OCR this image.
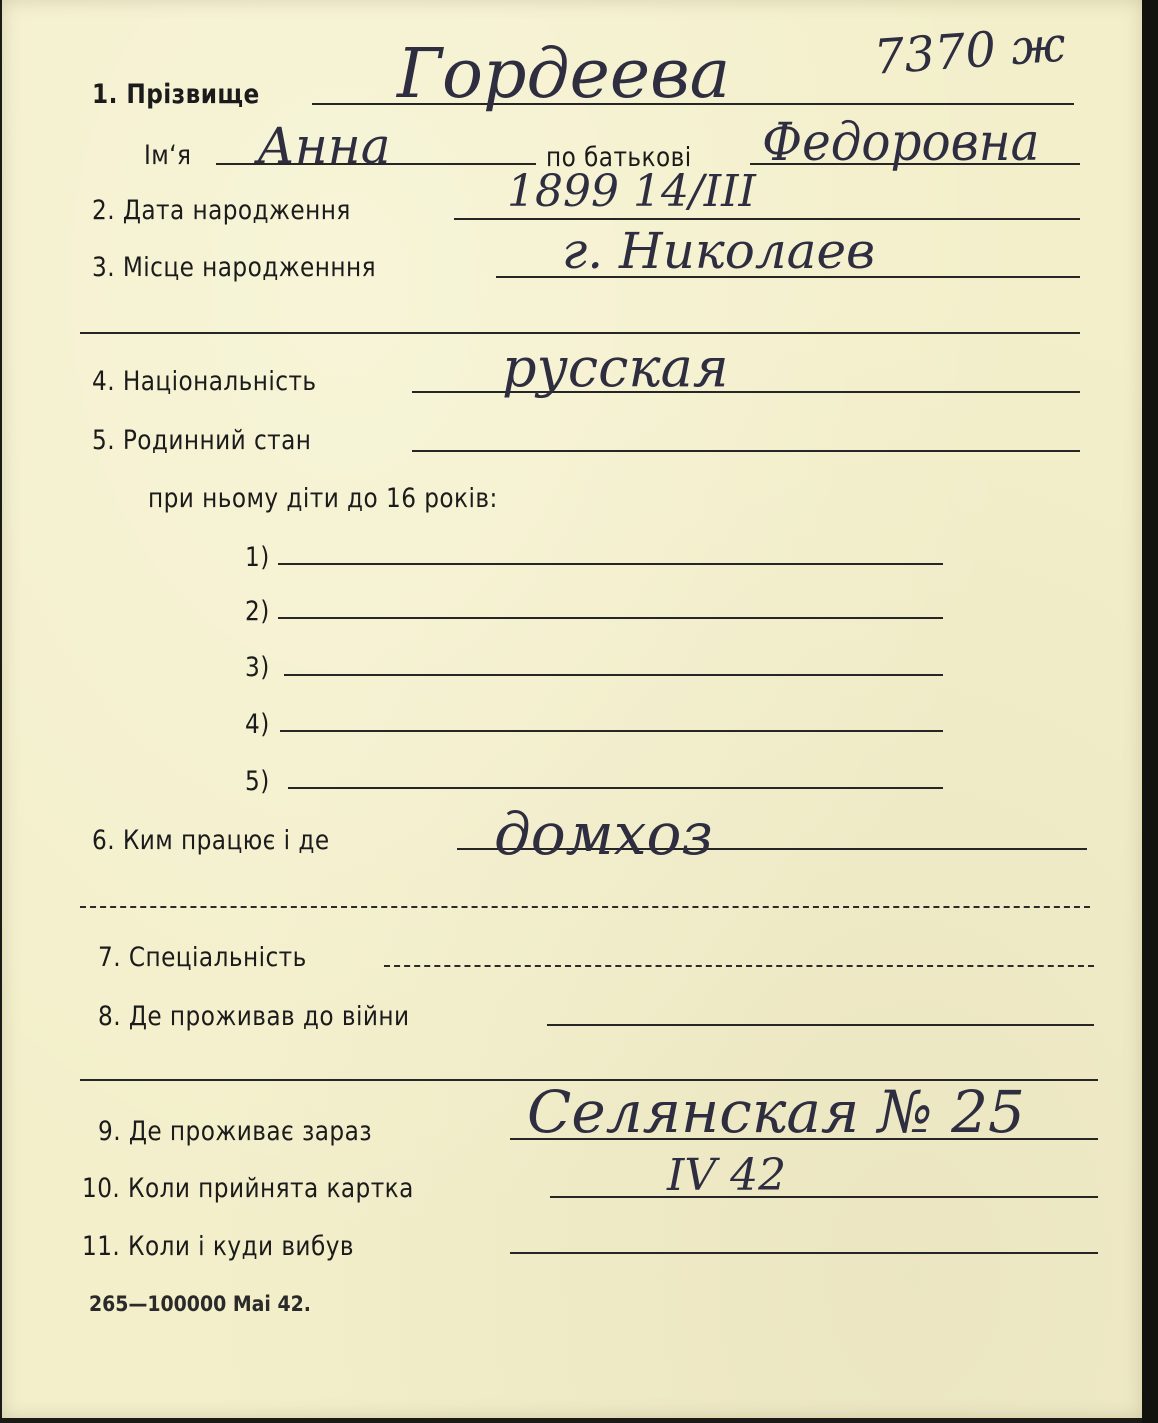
7370 ж
1. Прізвище Гордеева
Ім‘я Анна	по батькові Федоровна
2. Дата народження	1899 14/III
3. Місце народженння	г. Николаев
4. Національність	русская
5. Родинний стан
при ньому діти до 16 років:
1)
2)
3)
4)
5)
6. Ким працює і де	домхоз
7. Спеціальність
8. Де проживав до війни
9. Де проживає зараз	Селянская № 25
10. Коли прийнята картка	IV 42
11. Коли і куди вибув
265—100000 Mai 42.
